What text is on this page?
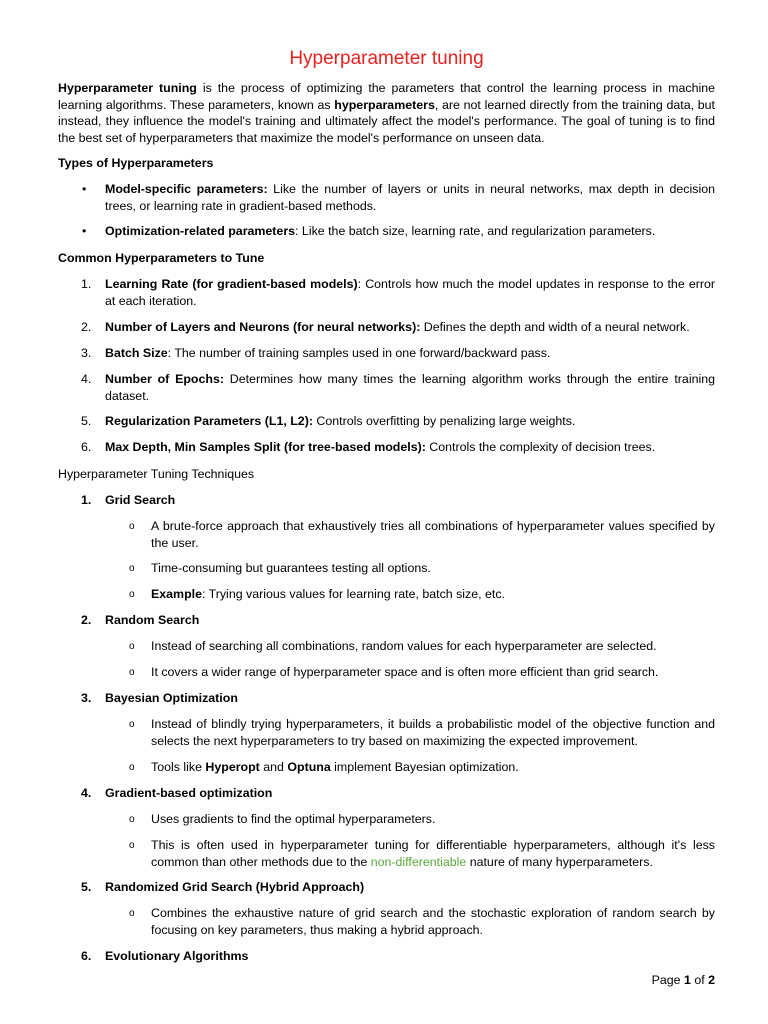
Hyperparameter tuning

Hyperparameter tuning is the process of optimizing the parameters that control the learning process in machine learning algorithms. These parameters, known as hyperparameters, are not learned directly from the training data, but instead, they influence the model's training and ultimately affect the model's performance. The goal of tuning is to find the best set of hyperparameters that maximize the model's performance on unseen data.

Types of Hyperparameters

• Model-specific parameters: Like the number of layers or units in neural networks, max depth in decision trees, or learning rate in gradient-based methods.

• Optimization-related parameters: Like the batch size, learning rate, and regularization parameters.

Common Hyperparameters to Tune

1. Learning Rate (for gradient-based models): Controls how much the model updates in response to the error at each iteration.

2. Number of Layers and Neurons (for neural networks): Defines the depth and width of a neural network.

3. Batch Size: The number of training samples used in one forward/backward pass.

4. Number of Epochs: Determines how many times the learning algorithm works through the entire training dataset.

5. Regularization Parameters (L1, L2): Controls overfitting by penalizing large weights.

6. Max Depth, Min Samples Split (for tree-based models): Controls the complexity of decision trees.

Hyperparameter Tuning Techniques

1. Grid Search

o A brute-force approach that exhaustively tries all combinations of hyperparameter values specified by the user.

o Time-consuming but guarantees testing all options.

o Example: Trying various values for learning rate, batch size, etc.

2. Random Search

o Instead of searching all combinations, random values for each hyperparameter are selected.

o It covers a wider range of hyperparameter space and is often more efficient than grid search.

3. Bayesian Optimization

o Instead of blindly trying hyperparameters, it builds a probabilistic model of the objective function and selects the next hyperparameters to try based on maximizing the expected improvement.

o Tools like Hyperopt and Optuna implement Bayesian optimization.

4. Gradient-based optimization

o Uses gradients to find the optimal hyperparameters.

o This is often used in hyperparameter tuning for differentiable hyperparameters, although it's less common than other methods due to the non-differentiable nature of many hyperparameters.

5. Randomized Grid Search (Hybrid Approach)

o Combines the exhaustive nature of grid search and the stochastic exploration of random search by focusing on key parameters, thus making a hybrid approach.

6. Evolutionary Algorithms

Page 1 of 2
